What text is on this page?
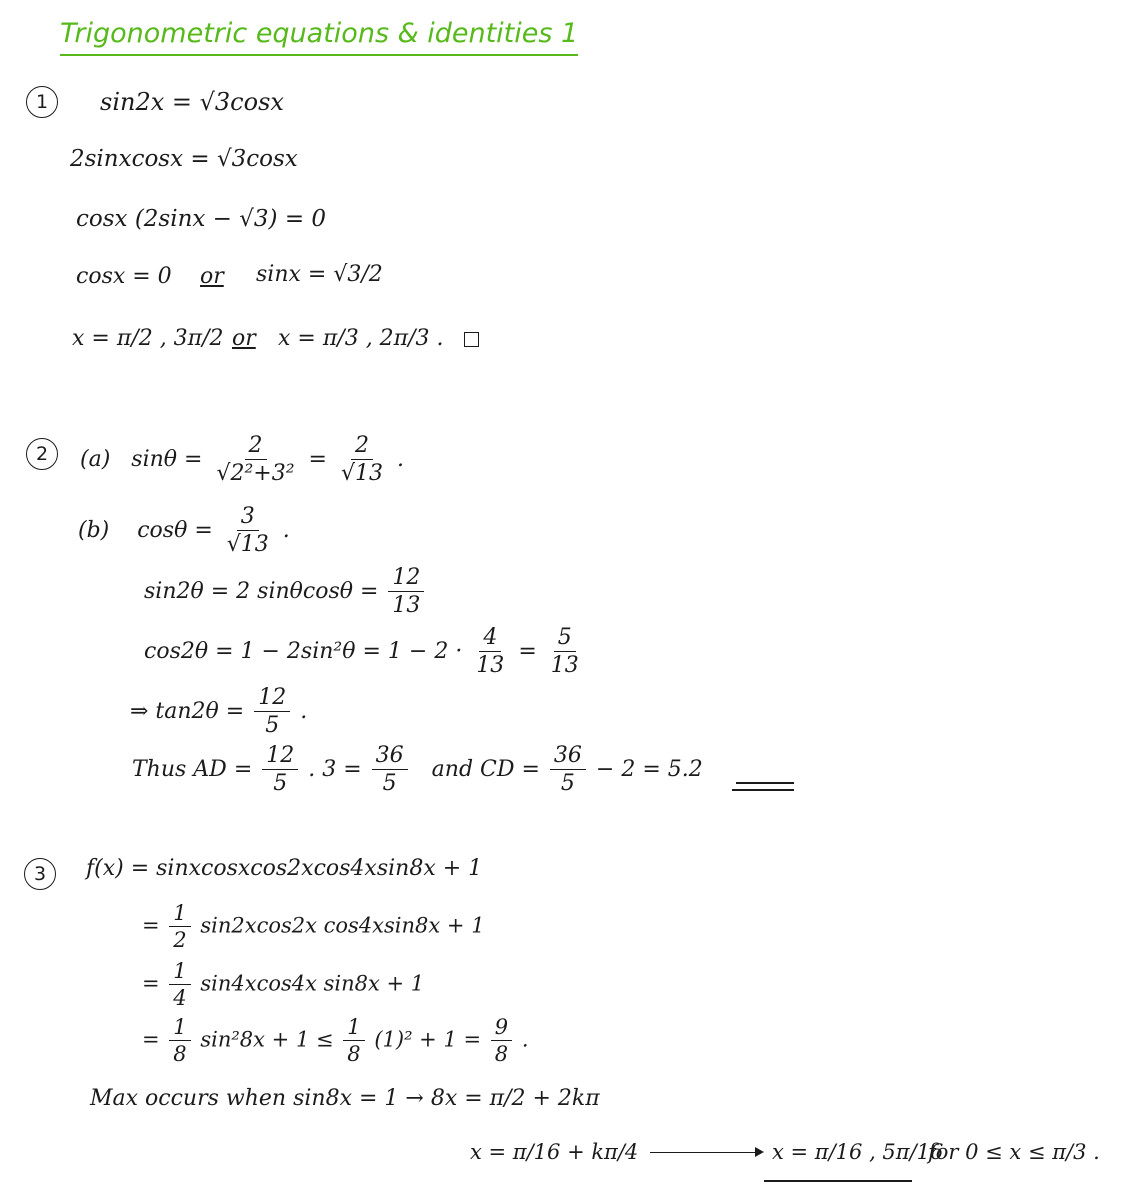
Trigonometric equations & identities 1
1	sin2x = √3cosx
2sinxcosx = √3cosx
cosx (2sinx − √3) = 0
cosx = 0 or sinx = √3/2
x = π/2 , 3π/2 or x = π/3 , 2π/3 .
2	(a) $\sin\theta = \frac{2}{\text{√2²+3²}} = \frac{2}{√13}$ .
(b) $\cos\theta = \frac{3}{√13}$ .
sin2θ = 2 $\sin\theta\cos\theta = \frac{12}{13}$
$\cos 2\theta = 1 - 2\sin^2\theta = 1 - 2 \cdot \frac{4}{13} = \frac{5}{13}$
⇒ $\tan 2\theta = \frac{12}{5}$ .
Thus AD = $\frac{12}{5}$ . $3 = \frac{36}{5}$ and CD = $\frac{36}{5} - 2 = 5.2$
3	f(x) = sinxcosxcos2xcos4xsin8x + 1
= $\frac{1}{2} \sin 2xcos2x$ cos4xsin8x + 1
= $\frac{1}{4} \sin 4xcos4x$ sin8x + 1
= $\frac{1}{8} \sin^28x + 1 \le \frac{1}{8} (1)^2 + 1 = \frac{9}{8}$ .
Max occurs when sin8x = 1 → 8x = π/2 + 2kπ
x = π/16 + kπ/4	x = π/16 , 5π/16
for 0 ≤ x ≤ π/3 .
